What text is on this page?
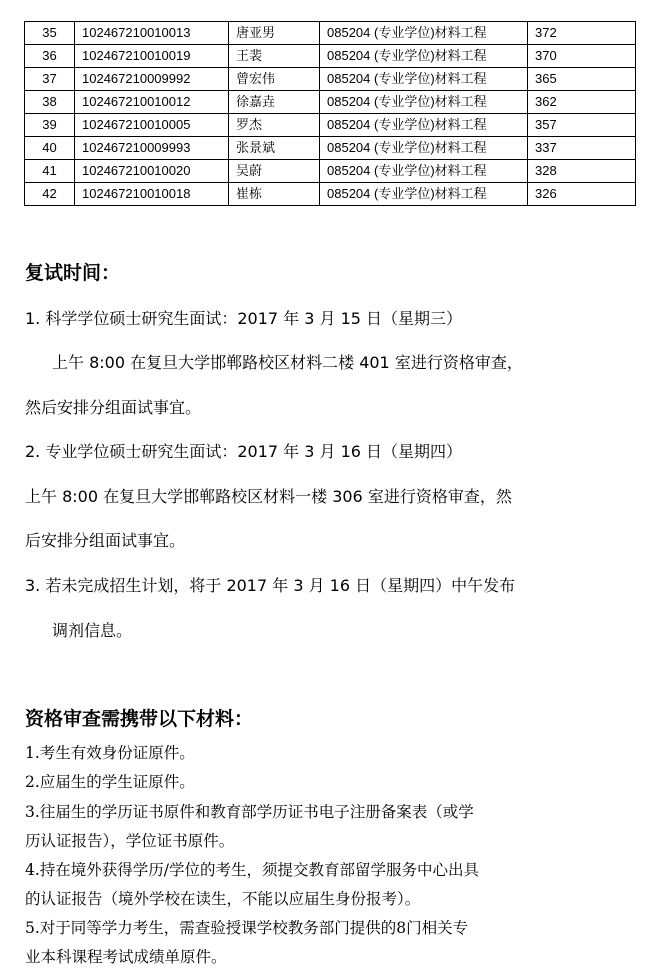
35	102467210010013	唐亚男	085204 (专业学位)材料工程	372
36	102467210010019	王裴	085204 (专业学位)材料工程	370
37	102467210009992	曾宏伟	085204 (专业学位)材料工程	365
38	102467210010012	徐嘉垚	085204 (专业学位)材料工程	362
39	102467210010005	罗杰	085204 (专业学位)材料工程	357
40	102467210009993	张景斌	085204 (专业学位)材料工程	337
41	102467210010020	吴蔚	085204 (专业学位)材料工程	328
42	102467210010018	崔栋	085204 (专业学位)材料工程	326
复试时间：

1. 科学学位硕士研究生面试：2017 年 3 月 15 日（星期三）

上午 8:00 在复旦大学邯郸路校区材料二楼 401 室进行资格审查，

然后安排分组面试事宜。

2. 专业学位硕士研究生面试：2017 年 3 月 16 日（星期四）

上午 8:00 在复旦大学邯郸路校区材料一楼 306 室进行资格审查，然

后安排分组面试事宜。

3. 若未完成招生计划，将于 2017 年 3 月 16 日（星期四）中午发布

调剂信息。

资格审查需携带以下材料：

1.考生有效身份证原件。

2.应届生的学生证原件。

3.往届生的学历证书原件和教育部学历证书电子注册备案表（或学

历认证报告），学位证书原件。

4.持在境外获得学历/学位的考生，须提交教育部留学服务中心出具

的认证报告（境外学校在读生，不能以应届生身份报考）。

5.对于同等学力考生，需查验授课学校教务部门提供的8门相关专

业本科课程考试成绩单原件。
